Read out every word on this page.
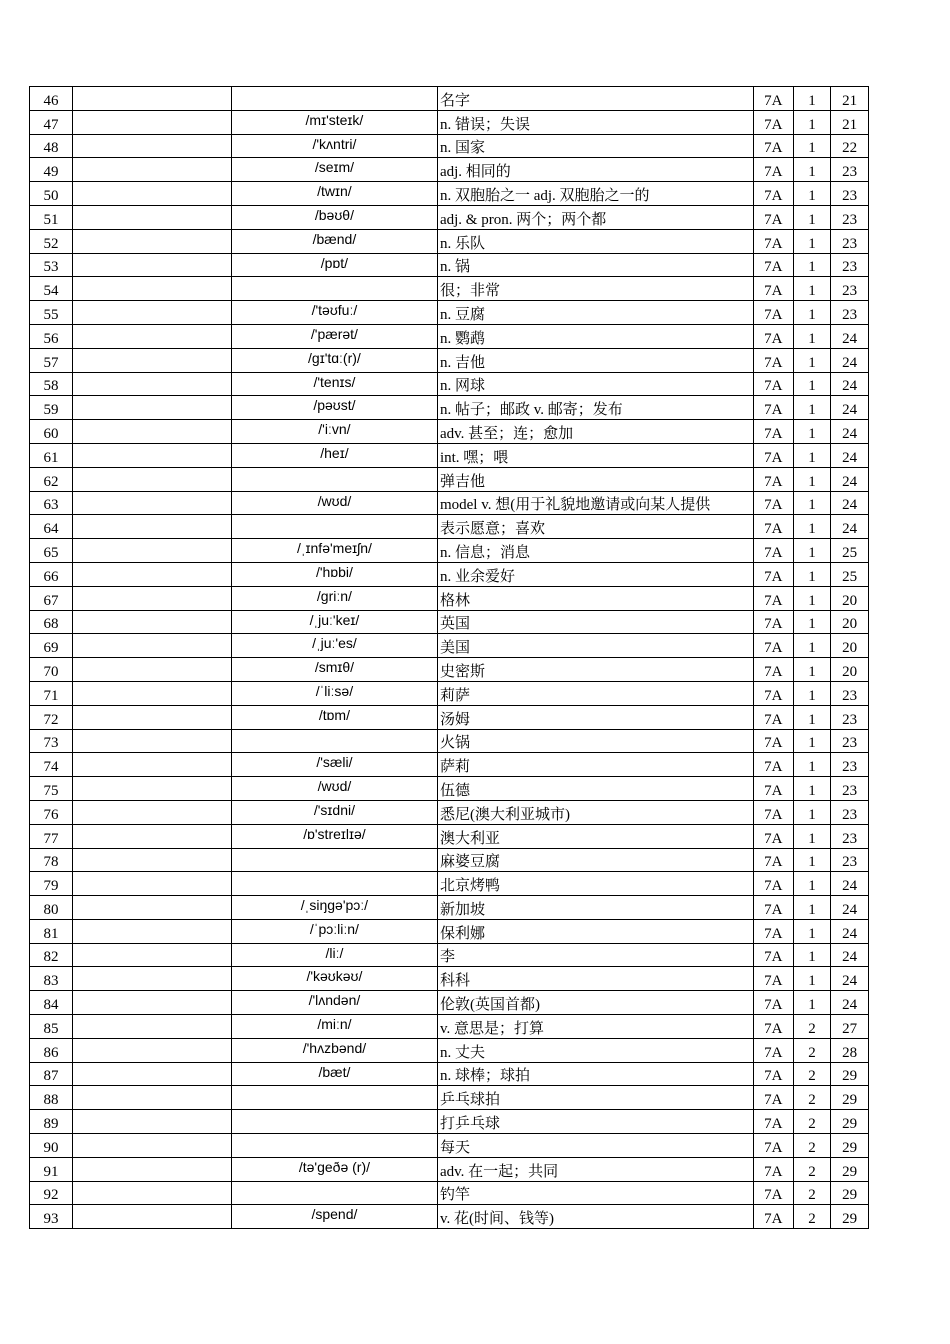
46			名字	7A	1	21
47		/mɪ'steɪk/	n. 错误；失误	7A	1	21
48		/'kʌntri/	n. 国家	7A	1	22
49		/seɪm/	adj. 相同的	7A	1	23
50		/twɪn/	n. 双胞胎之一 adj. 双胞胎之一的	7A	1	23
51		/bəʊθ/	adj. & pron. 两个；两个都	7A	1	23
52		/bænd/	n. 乐队	7A	1	23
53		/pɒt/	n. 锅	7A	1	23
54			很；非常	7A	1	23
55		/'təʊfuː/	n. 豆腐	7A	1	23
56		/'pærət/	n. 鹦鹉	7A	1	24
57		/gɪ'tɑː(r)/	n. 吉他	7A	1	24
58		/'tenɪs/	n. 网球	7A	1	24
59		/pəʊst/	n. 帖子；邮政 v. 邮寄；发布	7A	1	24
60		/'iːvn/	adv. 甚至；连；愈加	7A	1	24
61		/heɪ/	int. 嘿；喂	7A	1	24
62			弹吉他	7A	1	24
63		/wʊd/	model v. 想(用于礼貌地邀请或向某人提供	7A	1	24
64			表示愿意；喜欢	7A	1	24
65		/ˌɪnfə'meɪʃn/	n. 信息；消息	7A	1	25
66		/'hɒbi/	n. 业余爱好	7A	1	25
67		/griːn/	格林	7A	1	20
68		/ˌjuː'keɪ/	英国	7A	1	20
69		/ˌjuː'es/	美国	7A	1	20
70		/smɪθ/	史密斯	7A	1	20
71		/ˈliːsə/	莉萨	7A	1	23
72		/tɒm/	汤姆	7A	1	23
73			火锅	7A	1	23
74		/'sæli/	萨莉	7A	1	23
75		/wʊd/	伍德	7A	1	23
76		/'sɪdni/	悉尼(澳大利亚城市)	7A	1	23
77		/ɒ'streɪlɪə/	澳大利亚	7A	1	23
78			麻婆豆腐	7A	1	23
79			北京烤鸭	7A	1	24
80		/ˌsiŋgə'pɔː/	新加坡	7A	1	24
81		/ˈpɔːliːn/	保利娜	7A	1	24
82		/liː/	李	7A	1	24
83		/'kəʊkəʊ/	科科	7A	1	24
84		/'lʌndən/	伦敦(英国首都)	7A	1	24
85		/miːn/	v. 意思是；打算	7A	2	27
86		/'hʌzbənd/	n. 丈夫	7A	2	28
87		/bæt/	n. 球棒；球拍	7A	2	29
88			乒乓球拍	7A	2	29
89			打乒乓球	7A	2	29
90			每天	7A	2	29
91		/tə'geðə (r)/	adv. 在一起；共同	7A	2	29
92			钓竿	7A	2	29
93		/spend/	v. 花(时间、钱等)	7A	2	29
